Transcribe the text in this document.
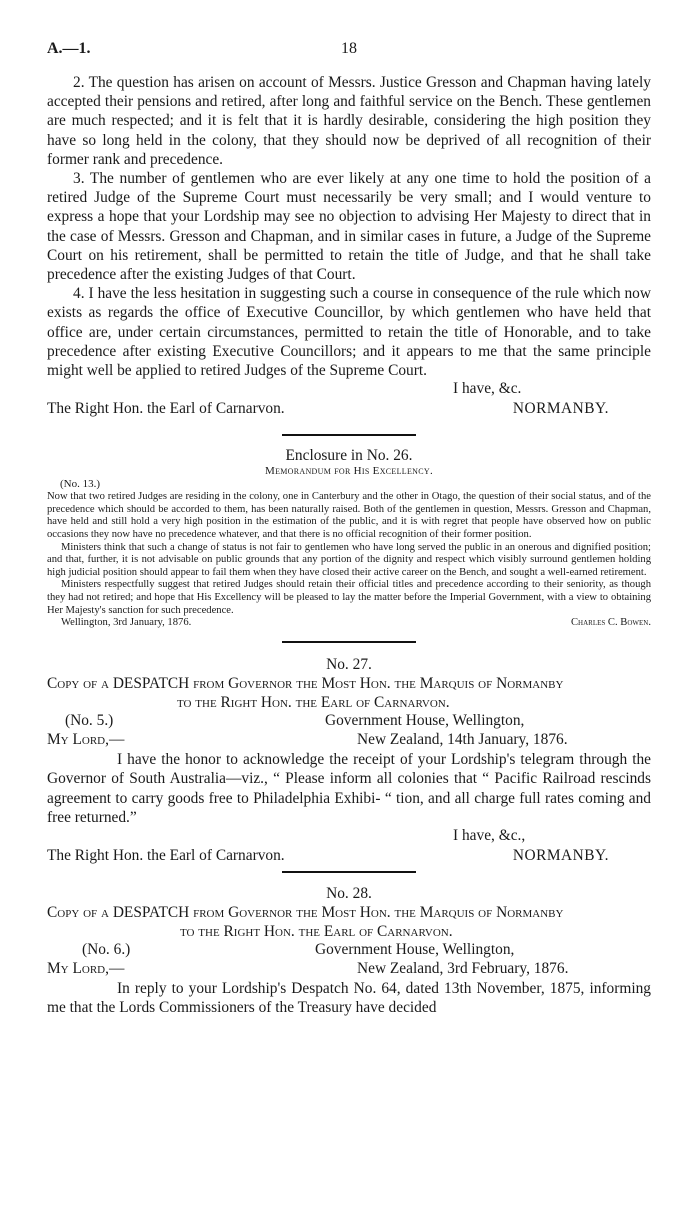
A.—1.	18

2. The question has arisen on account of Messrs. Justice Gresson and Chapman having lately accepted their pensions and retired, after long and faithful service on the Bench. These gentlemen are much respected; and it is felt that it is hardly desirable, considering the high position they have so long held in the colony, that they should now be deprived of all recognition of their former rank and precedence.

3. The number of gentlemen who are ever likely at any one time to hold the position of a retired Judge of the Supreme Court must necessarily be very small; and I would venture to express a hope that your Lordship may see no objection to advising Her Majesty to direct that in the case of Messrs. Gresson and Chapman, and in similar cases in future, a Judge of the Supreme Court on his retirement, shall be permitted to retain the title of Judge, and that he shall take precedence after the existing Judges of that Court.

4. I have the less hesitation in suggesting such a course in consequence of the rule which now exists as regards the office of Executive Councillor, by which gentlemen who have held that office are, under certain circumstances, permitted to retain the title of Honorable, and to take precedence after existing Executive Councillors; and it appears to me that the same principle might well be applied to retired Judges of the Supreme Court.

I have, &c.
The Right Hon. the Earl of Carnarvon.	NORMANBY.

Enclosure in No. 26.

Memorandum for His Excellency.

(No. 13.)

Now that two retired Judges are residing in the colony, one in Canterbury and the other in Otago, the question of their social status, and of the precedence which should be accorded to them, has been naturally raised. Both of the gentlemen in question, Messrs. Gresson and Chapman, have held and still hold a very high position in the estimation of the public, and it is with regret that people have observed how on public occasions they now have no precedence whatever, and that there is no official recognition of their former position.

Ministers think that such a change of status is not fair to gentlemen who have long served the public in an onerous and dignified position; and that, further, it is not advisable on public grounds that any portion of the dignity and respect which visibly surround gentlemen holding high judicial position should appear to fail them when they have closed their active career on the Bench, and sought a well-earned retirement.

Ministers respectfully suggest that retired Judges should retain their official titles and precedence according to their seniority, as though they had not retired; and hope that His Excellency will be pleased to lay the matter before the Imperial Government, with a view to obtaining Her Majesty's sanction for such precedence.

Wellington, 3rd January, 1876.	Charles C. Bowen.

No. 27.

Copy of a DESPATCH from Governor the Most Hon. the Marquis of Normanby

to the Right Hon. the Earl of Carnarvon.

(No. 5.)	Government House, Wellington,
My Lord,—	New Zealand, 14th January, 1876.

I have the honor to acknowledge the receipt of your Lordship's telegram through the Governor of South Australia—viz., “ Please inform all colonies that “ Pacific Railroad rescinds agreement to carry goods free to Philadelphia Exhibi- “ tion, and all charge full rates coming and free returned.”

I have, &c.,
The Right Hon. the Earl of Carnarvon.	NORMANBY.

No. 28.

Copy of a DESPATCH from Governor the Most Hon. the Marquis of Normanby

to the Right Hon. the Earl of Carnarvon.

(No. 6.)	Government House, Wellington,
My Lord,—	New Zealand, 3rd February, 1876.

In reply to your Lordship's Despatch No. 64, dated 13th November, 1875, informing me that the Lords Commissioners of the Treasury have decided
